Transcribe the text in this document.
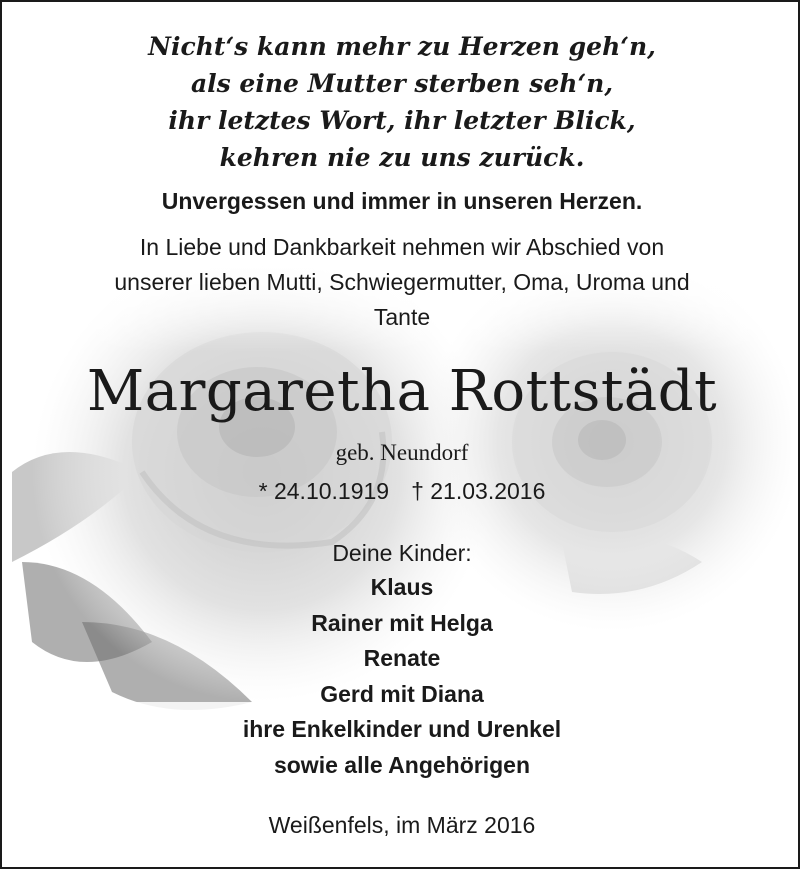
Nicht‘s kann mehr zu Herzen geh‘n,
als eine Mutter sterben seh‘n,
ihr letztes Wort, ihr letzter Blick,
kehren nie zu uns zurück.
Unvergessen und immer in unseren Herzen.
In Liebe und Dankbarkeit nehmen wir Abschied von
unserer lieben Mutti, Schwiegermutter, Oma, Uroma und
Tante
Margaretha Rottstädt
geb. Neundorf
* 24.10.1919 † 21.03.2016
Deine Kinder:
Klaus
Rainer mit Helga
Renate
Gerd mit Diana
ihre Enkelkinder und Urenkel
sowie alle Angehörigen
Weißenfels, im März 2016
